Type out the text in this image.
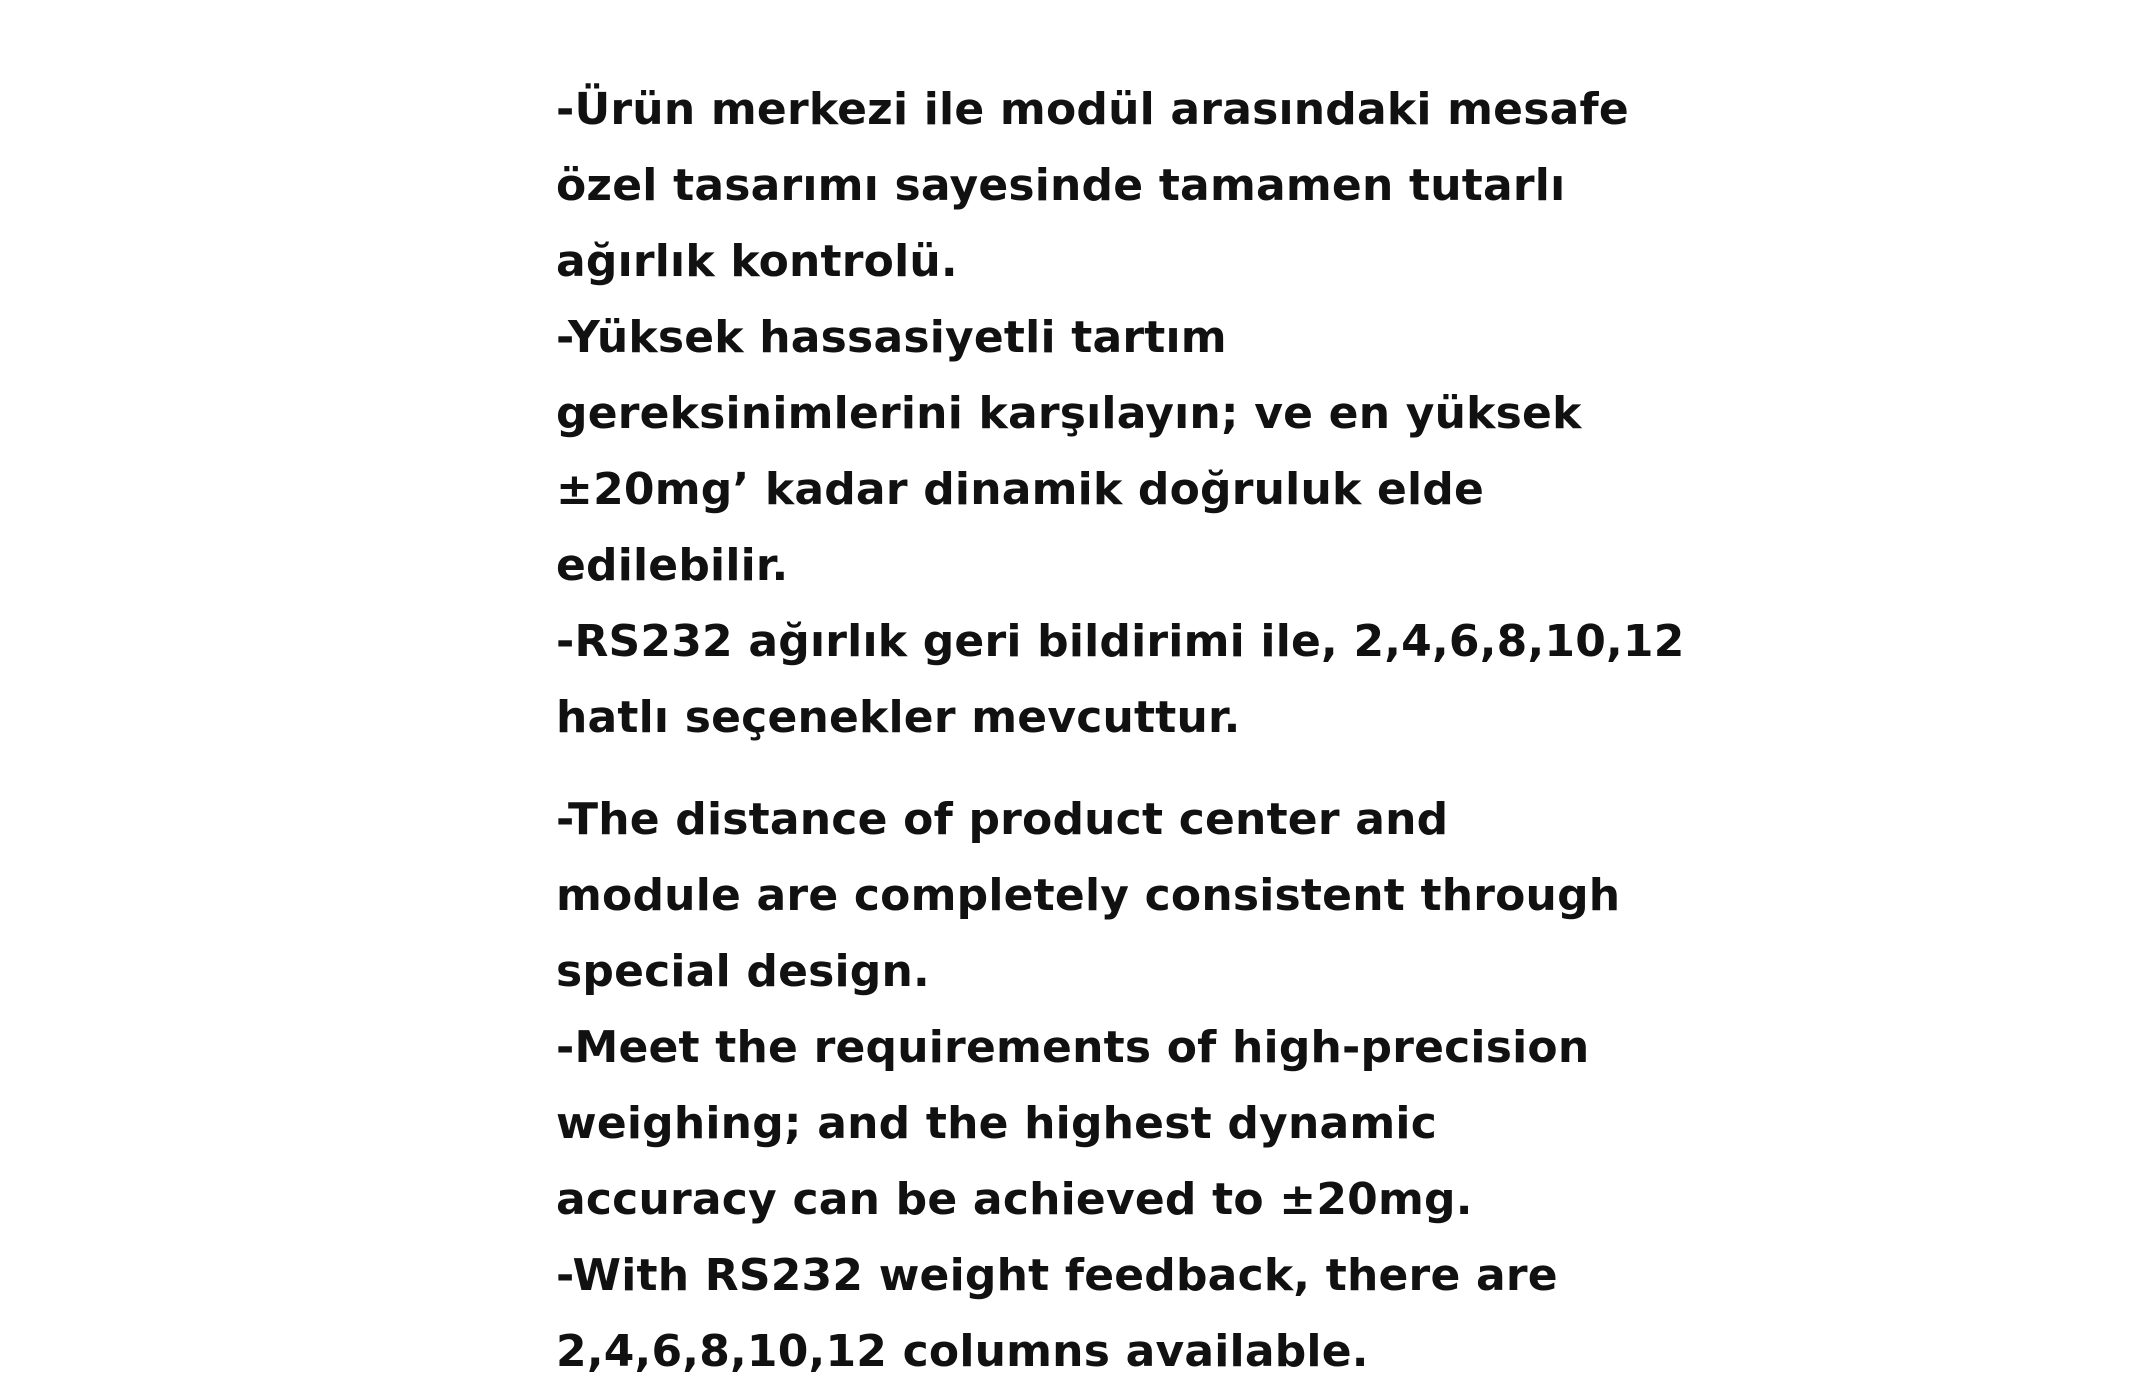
-Ürün merkezi ile modül arasındaki mesafe
özel tasarımı sayesinde tamamen tutarlı
ağırlık kontrolü.
-Yüksek hassasiyetli tartım
gereksinimlerini karşılayın; ve en yüksek
±20mg’ kadar dinamik doğruluk elde
edilebilir.
-RS232 ağırlık geri bildirimi ile, 2,4,6,8,10,12
hatlı seçenekler mevcuttur.
-The distance of product center and
module are completely consistent through
special design.
-Meet the requirements of high-precision
weighing; and the highest dynamic
accuracy can be achieved to ±20mg.
-With RS232 weight feedback, there are
2,4,6,8,10,12 columns available.
